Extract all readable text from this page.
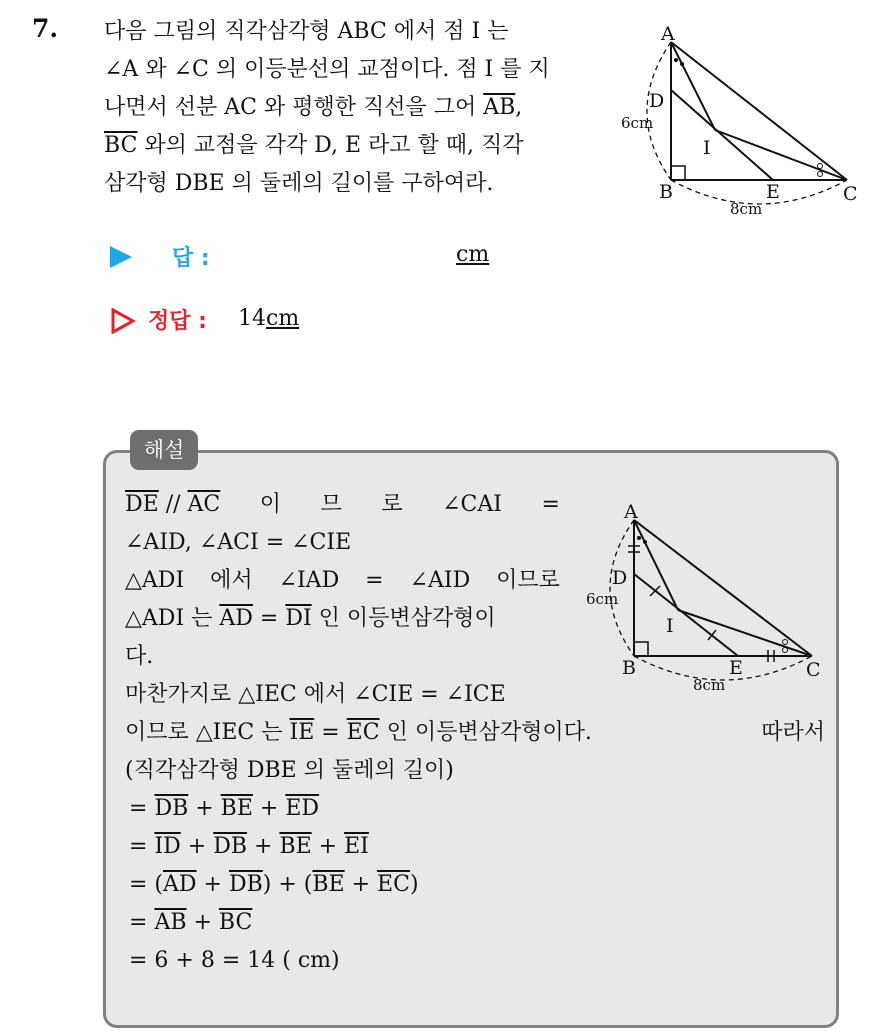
7. 다음 그림의 직각삼각형 ABC 에서 점 I 는
∠A 와 ∠C 의 이등분선의 교점이다. 점 I 를 지
나면서 선분 AC 와 평행한 직선을 그어 $\overline{AB}$,
$\overline{BC}$ 와의 교점을 각각 D, E 라고 할 때, 직각
삼각형 DBE 의 둘레의 길이를 구하여라.
A
B	C
D
E
I
6cm
8cm
답 :	cm
정답 : 14cm
해설
$\overline{DE} // \overline{AC}$ 이 므 로 ∠CAI =
∠AID, ∠ACI = ∠CIE
△ADI 에서 ∠IAD = ∠AID 이므로
△ADI 는 $\overline{AD} = \overline{DI}$ 인 이등변삼각형이
다.
마찬가지로 △IEC 에서 ∠CIE = ∠ICE
이므로 △IEC 는 $\overline{IE} = \overline{EC}$ 인 이등변삼각형이다.	따라서
(직각삼각형 DBE 의 둘레의 길이)
= $\overline{DB} + \overline{BE} + \overline{ED}$
= $\overline{ID} + \overline{DB} + \overline{BE} + \overline{EI}$
= $(\overline{AD} + \overline{DB}) + (\overline{BE} + \overline{EC})$
= $\overline{AB} + \overline{BC}$
= 6 + 8 = 14 ( cm)
A
B	C
D
E
I
6cm
8cm
